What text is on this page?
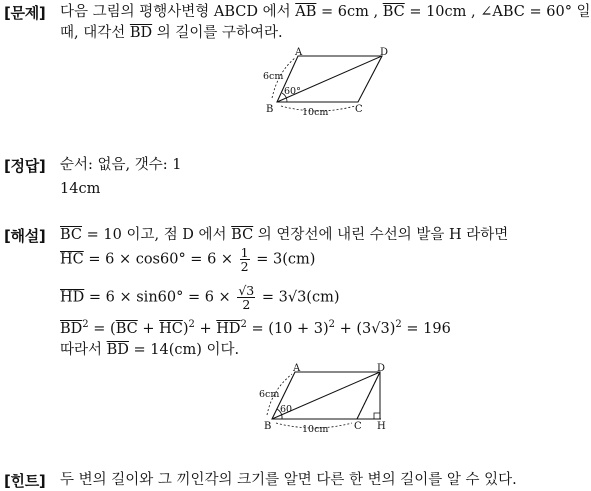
[문제] 다음 그림의 평행사변형 ABCD 에서 $\overline{AB} = 6cm$ , $\overline{BC} = 10cm$ , ∠ABC = 60° 일
때, 대각선 $\overline{BD}$ 의 길이를 구하여라.
A	D
B	C
6cm
60°
10cm
[정답] 순서: 없음, 갯수: 1
14cm
[해설] $\overline{BC} = 10$ 이고, 점 D 에서 $\overline{BC}$ 의 연장선에 내린 수선의 발을 H 라하면
$\overline{HC} = 6 \times \cos 60^\circ = 6 \times \frac{1}{2} = 3(cm)$
$\overline{HD} = 6 \times \sin 60^\circ = 6 \times \frac{√3}{2} = 3√3(cm)$
$\overline{BD}^2 = (\overline{BC} + \overline{HC})^2 + \overline{HD}^2 = (10 + 3)^2 + (3√3)^2 = 196$
따라서 $\overline{BD} = 14(cm)$ 이다.
A	D
B	C H
6cm
60
10cm
[힌트] 두 변의 길이와 그 끼인각의 크기를 알면 다른 한 변의 길이를 알 수 있다.
